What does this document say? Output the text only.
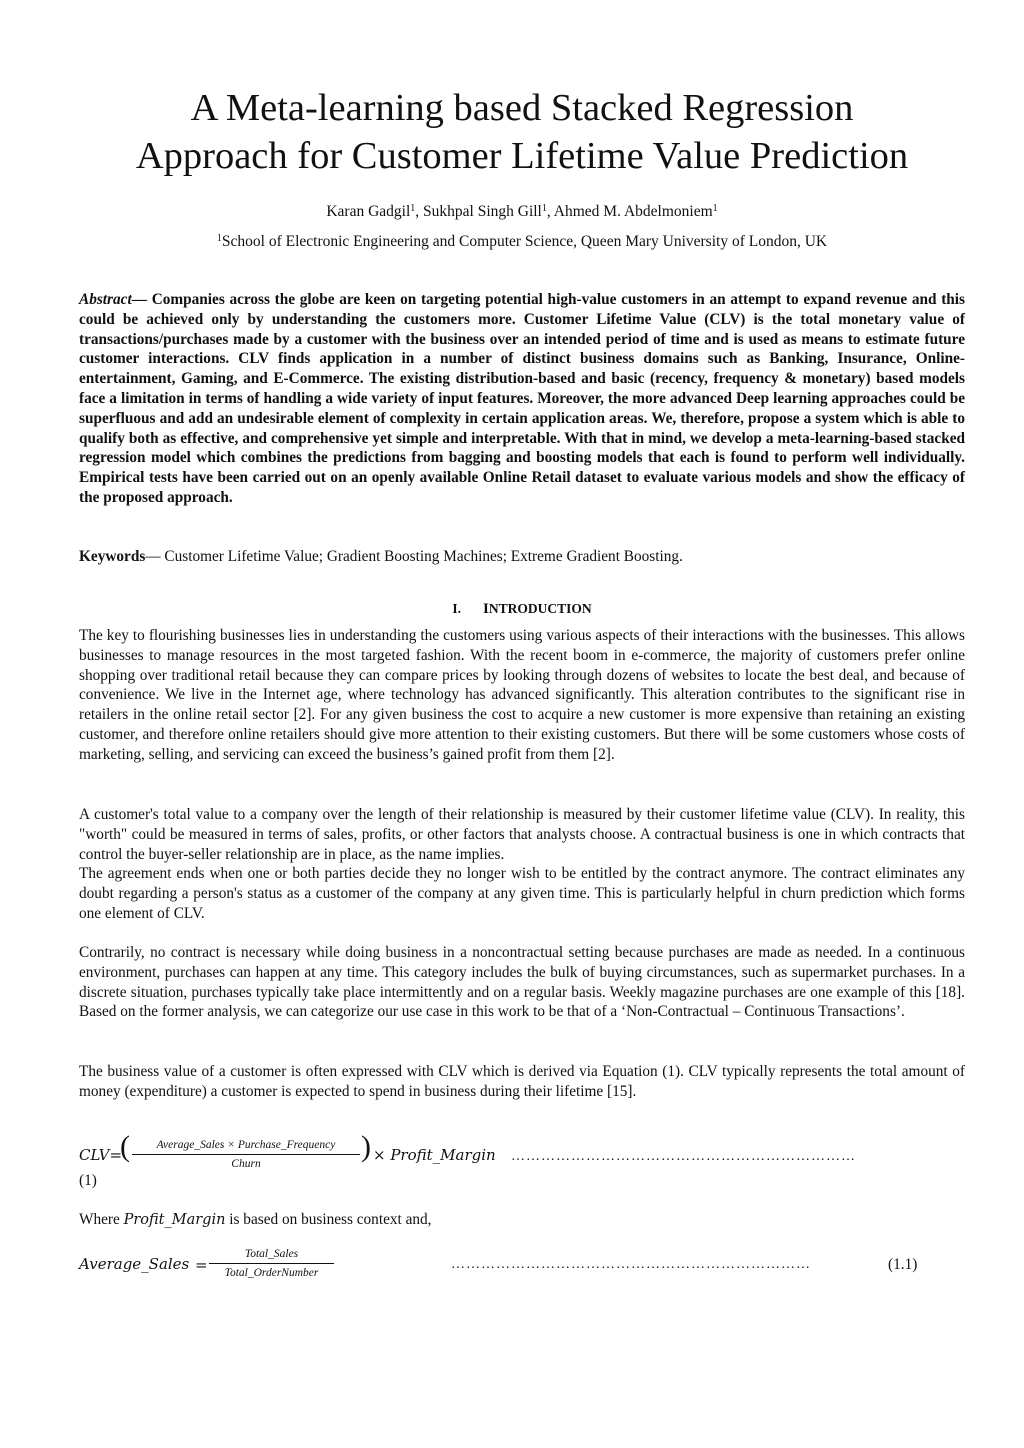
A Meta-learning based Stacked Regression
Approach for Customer Lifetime Value Prediction
Karan Gadgil$^1$, Sukhpal Singh Gill$^1$, Ahmed M. Abdelmoniem$^1$
$^1$School of Electronic Engineering and Computer Science, Queen Mary University of London, UK

Abstract— Companies across the globe are keen on targeting potential high-value customers in an attempt to expand revenue and this could be achieved only by understanding the customers more. Customer Lifetime Value (CLV) is the total monetary value of transactions/purchases made by a customer with the business over an intended period of time and is used as means to estimate future customer interactions. CLV finds application in a number of distinct business domains such as Banking, Insurance, Online-entertainment, Gaming, and E-Commerce. The existing distribution-based and basic (recency, frequency & monetary) based models face a limitation in terms of handling a wide variety of input features. Moreover, the more advanced Deep learning approaches could be superfluous and add an undesirable element of complexity in certain application areas. We, therefore, propose a system which is able to qualify both as effective, and comprehensive yet simple and interpretable. With that in mind, we develop a meta-learning-based stacked regression model which combines the predictions from bagging and boosting models that each is found to perform well individually. Empirical tests have been carried out on an openly available Online Retail dataset to evaluate various models and show the efficacy of the proposed approach.

Keywords— Customer Lifetime Value; Gradient Boosting Machines; Extreme Gradient Boosting.

I. INTRODUCTION

The key to flourishing businesses lies in understanding the customers using various aspects of their interactions with the businesses. This allows businesses to manage resources in the most targeted fashion. With the recent boom in e-commerce, the majority of customers prefer online shopping over traditional retail because they can compare prices by looking through dozens of websites to locate the best deal, and because of convenience. We live in the Internet age, where technology has advanced significantly. This alteration contributes to the significant rise in retailers in the online retail sector [2]. For any given business the cost to acquire a new customer is more expensive than retaining an existing customer, and therefore online retailers should give more attention to their existing customers. But there will be some customers whose costs of marketing, selling, and servicing can exceed the business’s gained profit from them [2].

A customer's total value to a company over the length of their relationship is measured by their customer lifetime value (CLV). In reality, this "worth" could be measured in terms of sales, profits, or other factors that analysts choose. A contractual business is one in which contracts that control the buyer-seller relationship are in place, as the name implies.

The agreement ends when one or both parties decide they no longer wish to be entitled by the contract anymore. The contract eliminates any doubt regarding a person's status as a customer of the company at any given time. This is particularly helpful in churn prediction which forms one element of CLV.

Contrarily, no contract is necessary while doing business in a noncontractual setting because purchases are made as needed. In a continuous environment, purchases can happen at any time. This category includes the bulk of buying circumstances, such as supermarket purchases. In a discrete situation, purchases typically take place intermittently and on a regular basis. Weekly magazine purchases are one example of this [18]. Based on the former analysis, we can categorize our use case in this work to be that of a ‘Non-Contractual – Continuous Transactions’.

The business value of a customer is often expressed with CLV which is derived via Equation (1). CLV typically represents the total amount of money (expenditure) a customer is expected to spend in business during their lifetime [15].

CLV=
(	Average_Sales × Purchase_Frequency
Churn
) × Profit_Margin ……………………………………………………………
(1)
Where Profit_Margin is based on business context and,
Average_Sales =
Total_Sales
Total_OrderNumber
………………………………………………………………	(1.1)
